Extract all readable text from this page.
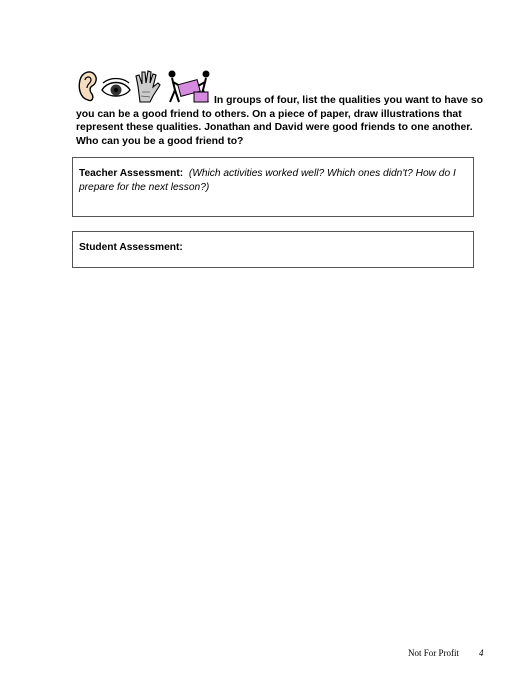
In groups of four, list the qualities you want to have so you can be a good friend to others. On a piece of paper, draw illustrations that represent these qualities. Jonathan and David were good friends to one another. Who can you be a good friend to?
Teacher Assessment: (Which activities worked well? Which ones didn't? How do I prepare for the next lesson?)
Student Assessment:
Not For Profit 4
